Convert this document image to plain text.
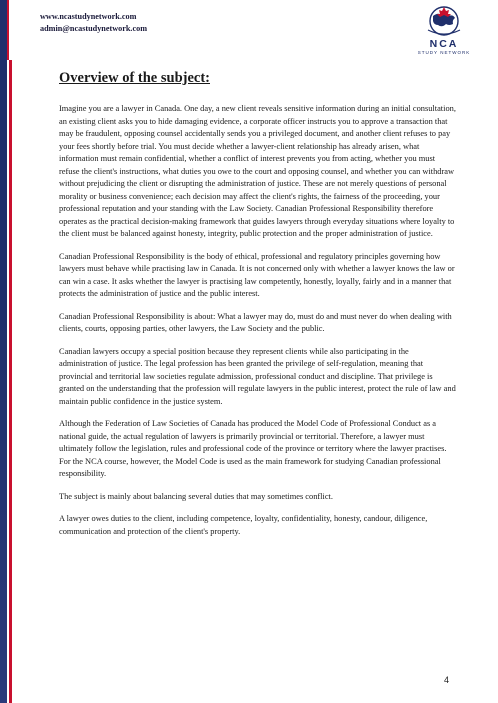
www.ncastudynetwork.com
admin@ncastudynetwork.com
NCA
STUDY NETWORK
Overview of the subject:

Imagine you are a lawyer in Canada. One day, a new client reveals sensitive information during an initial consultation, an existing client asks you to hide damaging evidence, a corporate officer instructs you to approve a transaction that may be fraudulent, opposing counsel accidentally sends you a privileged document, and another client refuses to pay your fees shortly before trial. You must decide whether a lawyer-client relationship has already arisen, what information must remain confidential, whether a conflict of interest prevents you from acting, whether you must refuse the client's instructions, what duties you owe to the court and opposing counsel, and whether you can withdraw without prejudicing the client or disrupting the administration of justice. These are not merely questions of personal morality or business convenience; each decision may affect the client's rights, the fairness of the proceeding, your professional reputation and your standing with the Law Society. Canadian Professional Responsibility therefore operates as the practical decision-making framework that guides lawyers through everyday situations where loyalty to the client must be balanced against honesty, integrity, public protection and the proper administration of justice.

Canadian Professional Responsibility is the body of ethical, professional and regulatory principles governing how lawyers must behave while practising law in Canada. It is not concerned only with whether a lawyer knows the law or can win a case. It asks whether the lawyer is practising law competently, honestly, loyally, fairly and in a manner that protects the administration of justice and the public interest.

Canadian Professional Responsibility is about: What a lawyer may do, must do and must never do when dealing with clients, courts, opposing parties, other lawyers, the Law Society and the public.

Canadian lawyers occupy a special position because they represent clients while also participating in the administration of justice. The legal profession has been granted the privilege of self-regulation, meaning that provincial and territorial law societies regulate admission, professional conduct and discipline. That privilege is granted on the understanding that the profession will regulate lawyers in the public interest, protect the rule of law and maintain public confidence in the justice system.

Although the Federation of Law Societies of Canada has produced the Model Code of Professional Conduct as a national guide, the actual regulation of lawyers is primarily provincial or territorial. Therefore, a lawyer must ultimately follow the legislation, rules and professional code of the province or territory where the lawyer practises. For the NCA course, however, the Model Code is used as the main framework for studying Canadian professional responsibility.

The subject is mainly about balancing several duties that may sometimes conflict.

A lawyer owes duties to the client, including competence, loyalty, confidentiality, honesty, candour, diligence, communication and protection of the client's property.

4
